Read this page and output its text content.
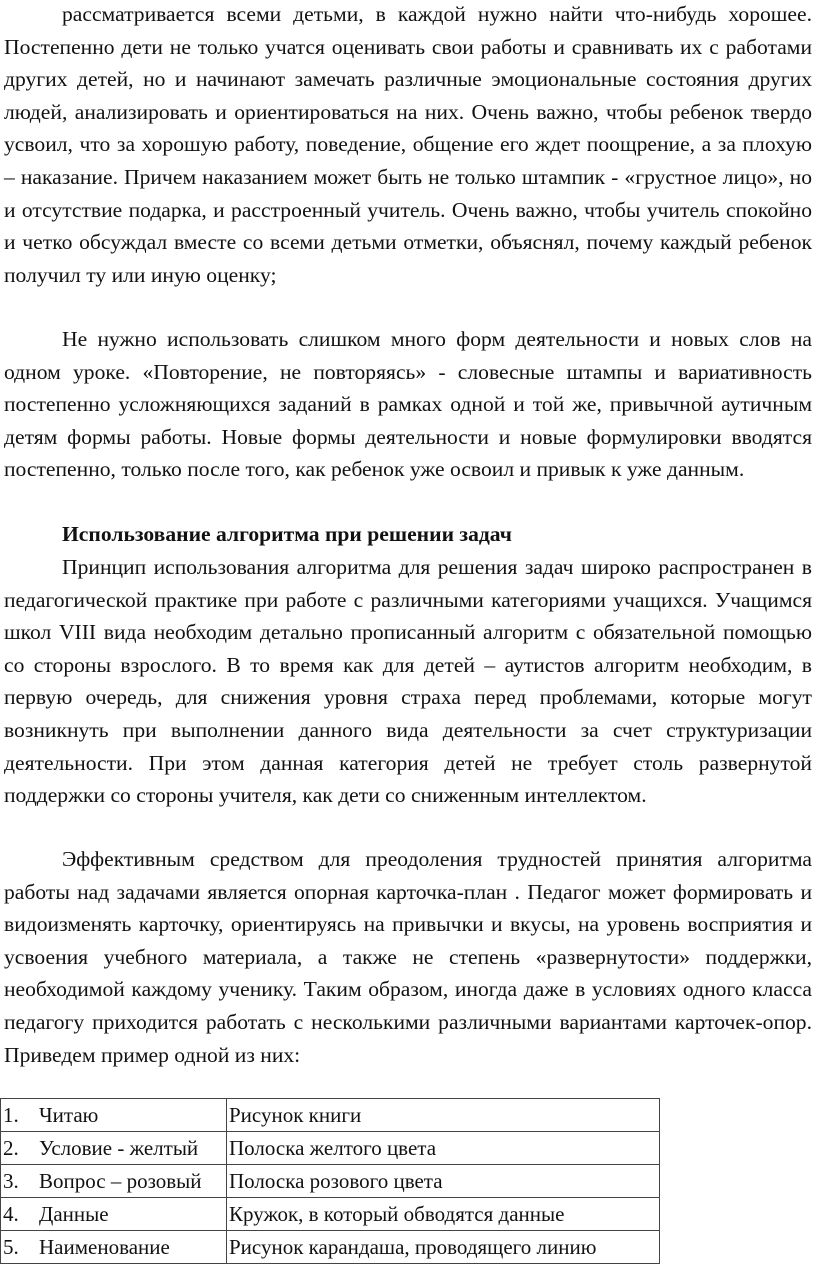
рассматривается всеми детьми, в каждой нужно найти что-нибудь хорошее. Постепенно дети не только учатся оценивать свои работы и сравнивать их с работами других детей, но и начинают замечать различные эмоциональные состояния других людей, анализировать и ориентироваться на них. Очень важно, чтобы ребенок твердо усвоил, что за хорошую работу, поведение, общение его ждет поощрение, а за плохую – наказание. Причем наказанием может быть не только штампик - «грустное лицо», но и отсутствие подарка, и расстроенный учитель. Очень важно, чтобы учитель спокойно и четко обсуждал вместе со всеми детьми отметки, объяснял, почему каждый ребенок получил ту или иную оценку;

Не нужно использовать слишком много форм деятельности и новых слов на одном уроке. «Повторение, не повторяясь» - словесные штампы и вариативность постепенно усложняющихся заданий в рамках одной и той же, привычной аутичным детям формы работы. Новые формы деятельности и новые формулировки вводятся постепенно, только после того, как ребенок уже освоил и привык к уже данным.

Использование алгоритма при решении задач

Принцип использования алгоритма для решения задач широко распространен в педагогической практике при работе с различными категориями учащихся. Учащимся школ VIII вида необходим детально прописанный алгоритм с обязательной помощью со стороны взрослого. В то время как для детей – аутистов алгоритм необходим, в первую очередь, для снижения уровня страха перед проблемами, которые могут возникнуть при выполнении данного вида деятельности за счет структуризации деятельности. При этом данная категория детей не требует столь развернутой поддержки со стороны учителя, как дети со сниженным интеллектом.

Эффективным средством для преодоления трудностей принятия алгоритма работы над задачами является опорная карточка-план . Педагог может формировать и видоизменять карточку, ориентируясь на привычки и вкусы, на уровень восприятия и усвоения учебного материала, а также не степень «развернутости» поддержки, необходимой каждому ученику. Таким образом, иногда даже в условиях одного класса педагогу приходится работать с несколькими различными вариантами карточек-опор. Приведем пример одной из них:

1. Читаю	Рисунок книги
2. Условие - желтый	Полоска желтого цвета
3. Вопрос – розовый	Полоска розового цвета
4. Данные	Кружок, в который обводятся данные
5. Наименование	Рисунок карандаша, проводящего линию
